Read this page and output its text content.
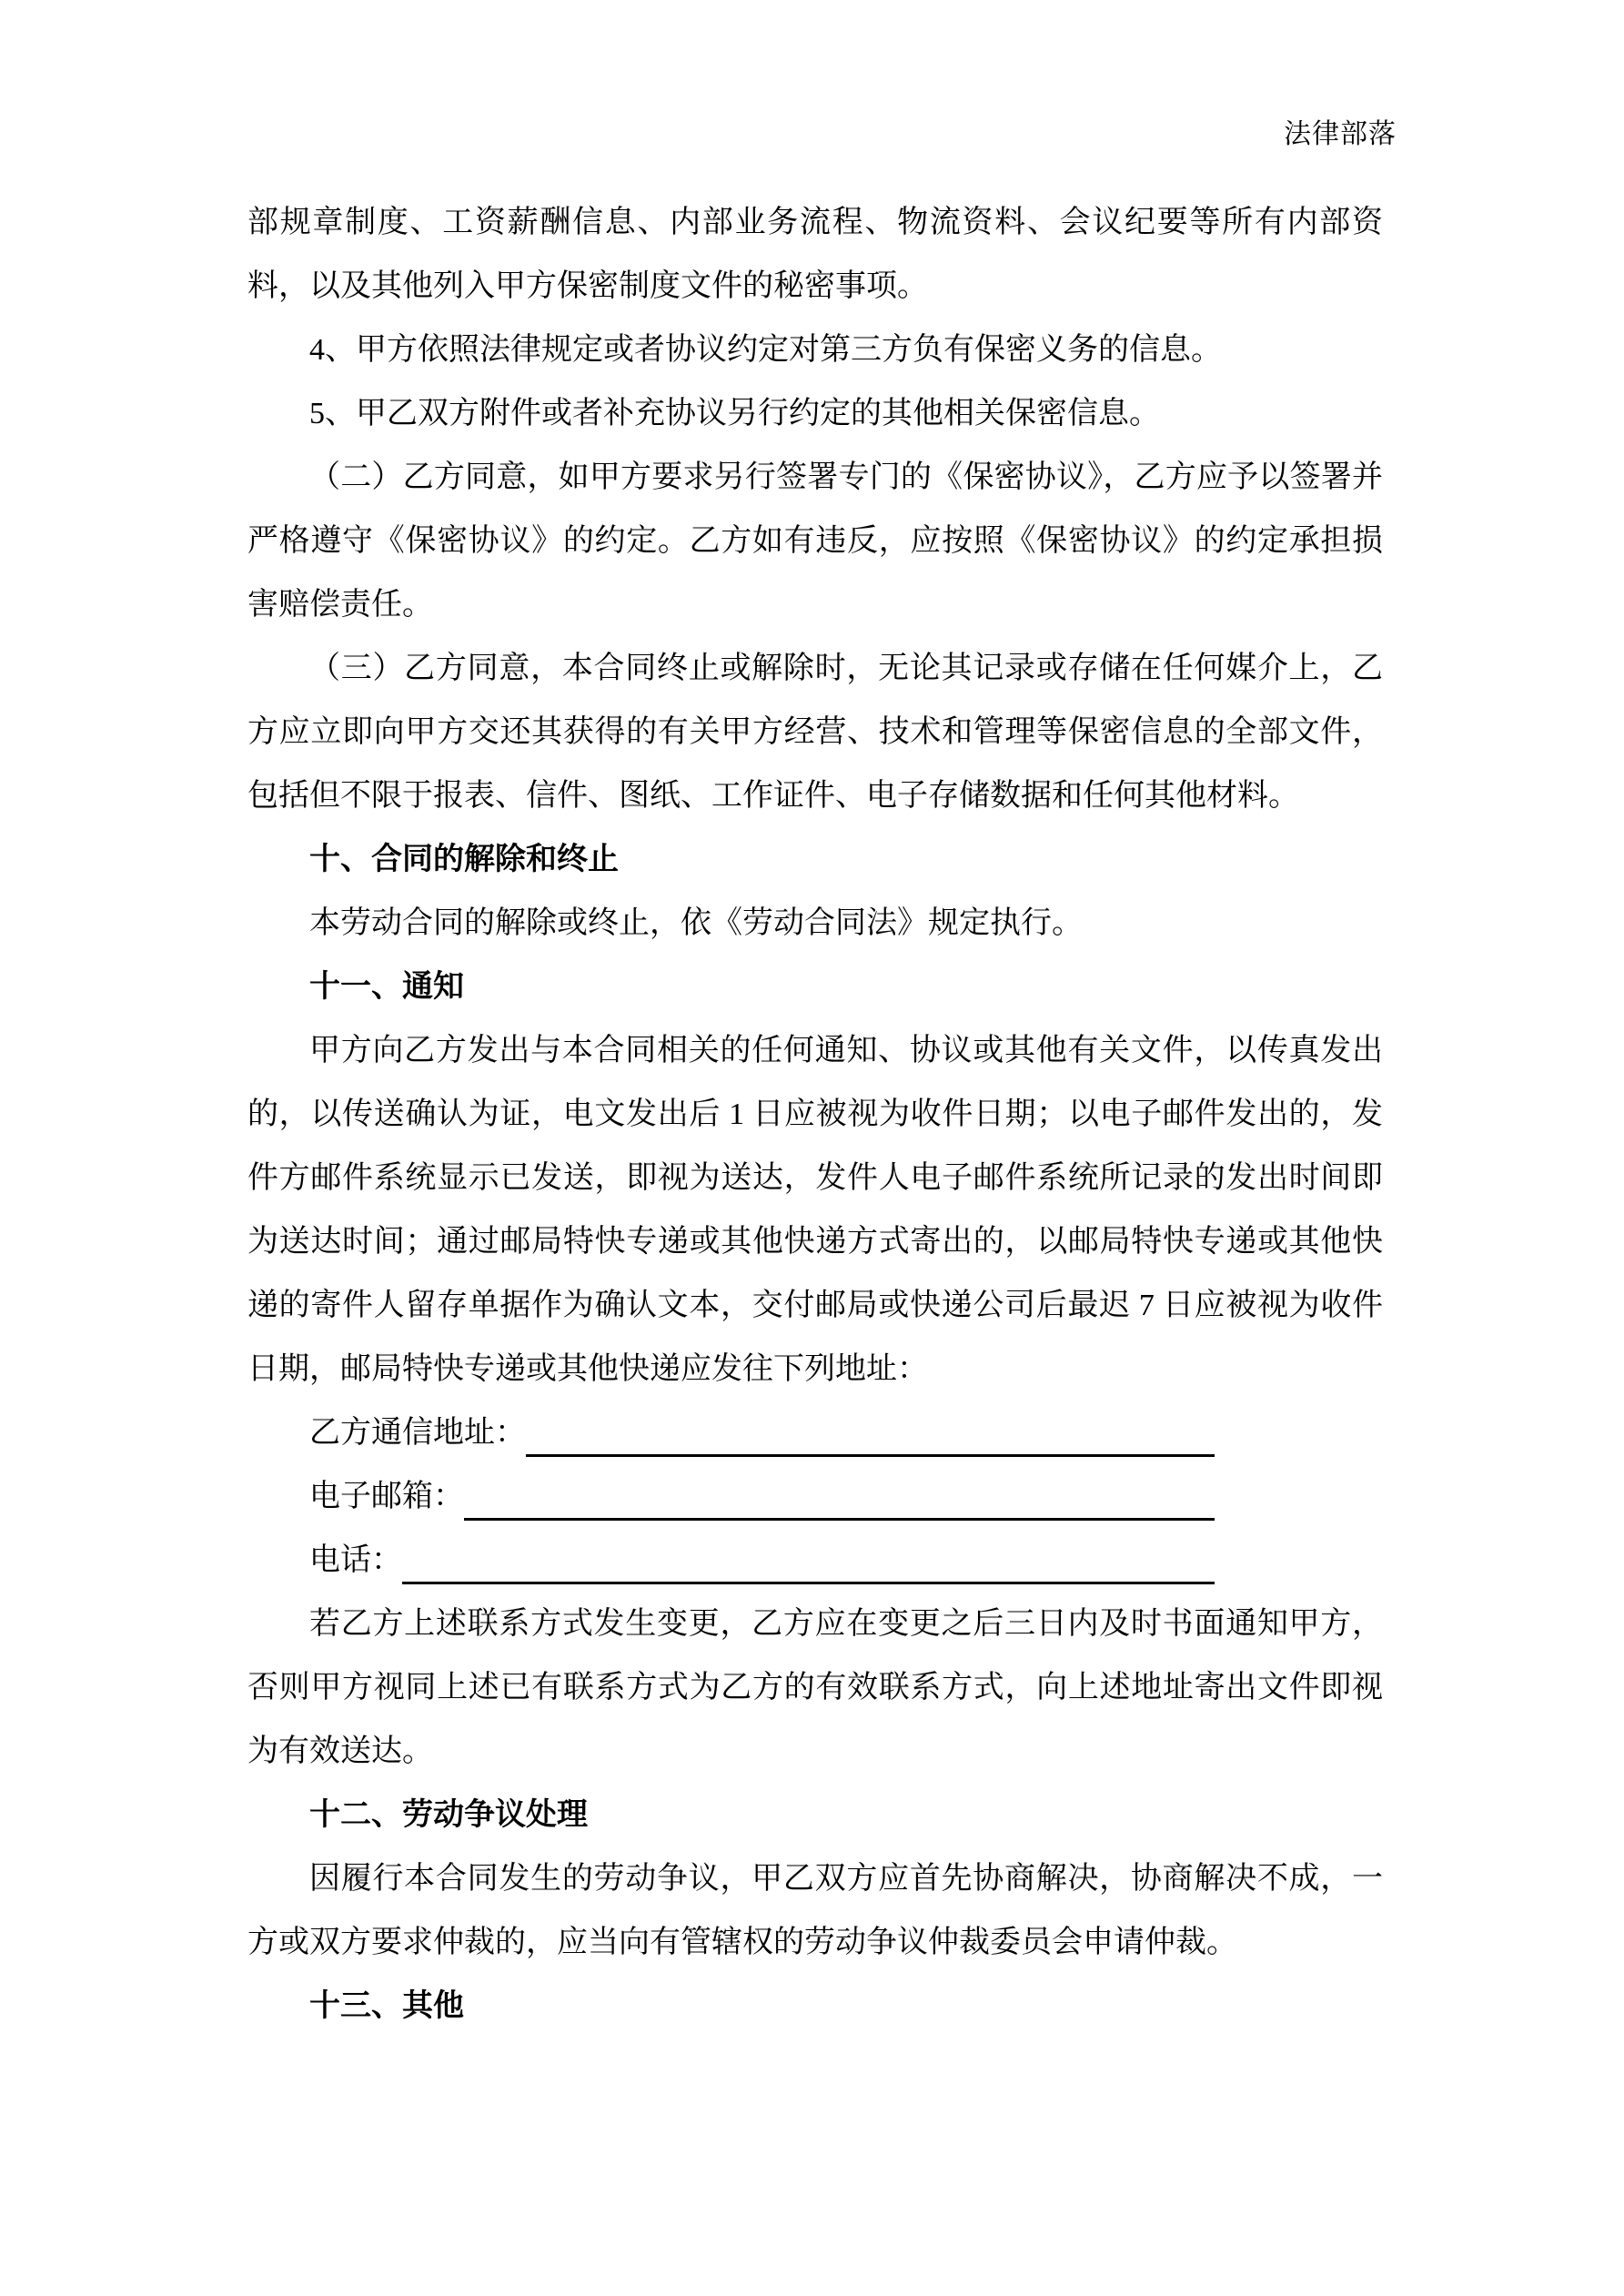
法律部落

部规章制度、工资薪酬信息、内部业务流程、物流资料、会议纪要等所有内部资料，以及其他列入甲方保密制度文件的秘密事项。

4、甲方依照法律规定或者协议约定对第三方负有保密义务的信息。

5、甲乙双方附件或者补充协议另行约定的其他相关保密信息。

（二）乙方同意，如甲方要求另行签署专门的《保密协议》，乙方应予以签署并严格遵守《保密协议》的约定。乙方如有违反，应按照《保密协议》的约定承担损害赔偿责任。

（三）乙方同意，本合同终止或解除时，无论其记录或存储在任何媒介上，乙方应立即向甲方交还其获得的有关甲方经营、技术和管理等保密信息的全部文件，包括但不限于报表、信件、图纸、工作证件、电子存储数据和任何其他材料。

十、合同的解除和终止

本劳动合同的解除或终止，依《劳动合同法》规定执行。

十一、通知

甲方向乙方发出与本合同相关的任何通知、协议或其他有关文件，以传真发出的，以传送确认为证，电文发出后 1 日应被视为收件日期；以电子邮件发出的，发件方邮件系统显示已发送，即视为送达，发件人电子邮件系统所记录的发出时间即为送达时间；通过邮局特快专递或其他快递方式寄出的，以邮局特快专递或其他快递的寄件人留存单据作为确认文本，交付邮局或快递公司后最迟 7 日应被视为收件日期，邮局特快专递或其他快递应发往下列地址：

乙方通信地址：
电子邮箱：
电话：

若乙方上述联系方式发生变更，乙方应在变更之后三日内及时书面通知甲方，否则甲方视同上述已有联系方式为乙方的有效联系方式，向上述地址寄出文件即视为有效送达。

十二、劳动争议处理

因履行本合同发生的劳动争议，甲乙双方应首先协商解决，协商解决不成，一方或双方要求仲裁的，应当向有管辖权的劳动争议仲裁委员会申请仲裁。

十三、其他
